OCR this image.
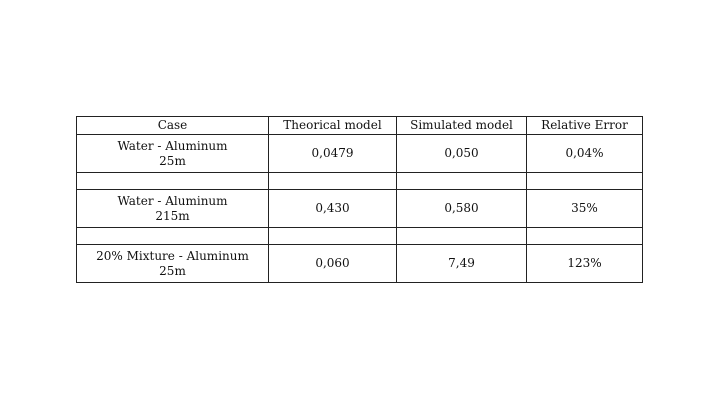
Case	Theorical model	Simulated model	Relative Error

Water - Aluminum
25m	0,0479	0,050	0,04%

Water - Aluminum
215m	0,430	0,580	35%

20% Mixture - Aluminum
25m	0,060	7,49	123%
